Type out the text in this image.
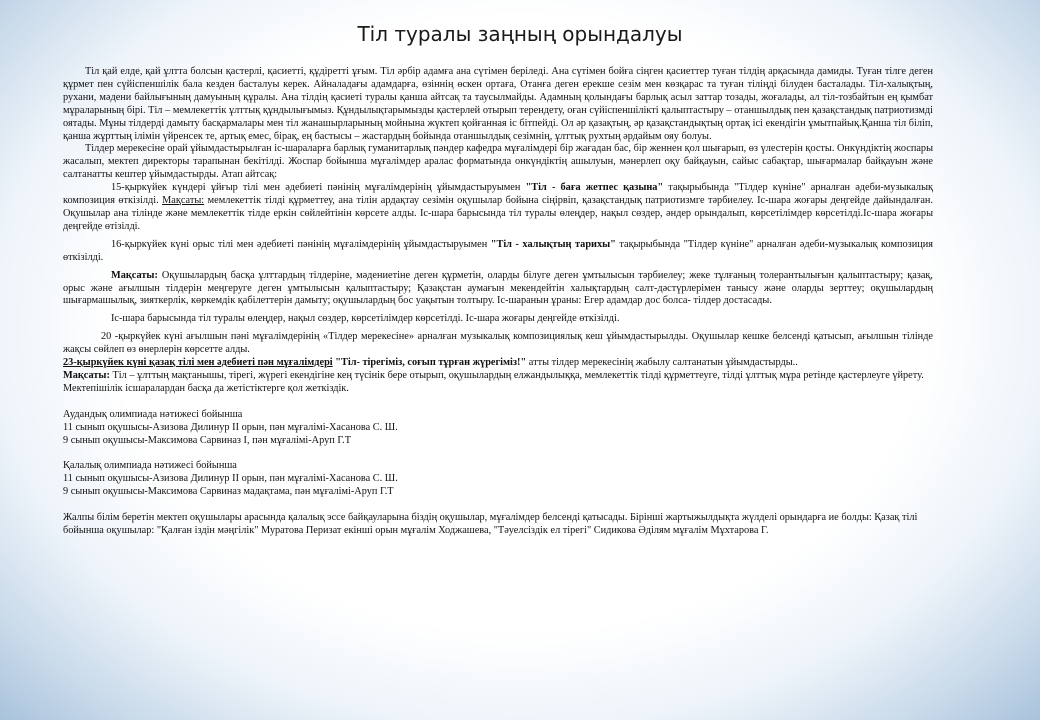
Тіл туралы заңның орындалуы

Тіл қай елде, қай ұлтта болсын қастерлі, қасиетті, құдіретті ұғым. Тіл әрбір адамға ана сүтімен беріледі. Ана сүтімен бойға сіңген қасиеттер туған тілдің арқасында дамиды. Туған тілге деген құрмет пен сүйіспеншілік бала кезден басталуы керек. Айналадағы адамдарға, өзіннің өскен ортаға, Отанға деген ерекше сезім мен көзқарас та туған тіліңді білуден басталады. Тіл-халықтың, рухани, мәдени байлығының дамуының құралы. Ана тілдің қасиеті туралы қанша айтсақ та таусылмайды. Адамның қолындағы барлық асыл заттар тозады, жоғалады, ал тіл-тозбайтын ең қымбат мұраларының бірі. Тіл – мемлекеттік ұлттық құндылығымыз. Құндылықтарымызды қастерлей отырып терендету, оған сүйіспеншілікті қалыптастыру – отаншылдық пен қазақстандық патриотизмді оятады. Мұны тілдерді дамыту басқармалары мен тіл жанашырларының мойнына жүктеп қойғанная іс бітпейді. Ол әр қазақтың, әр қазақстандықтың ортақ ісі екендігін ұмытпайық.Қанша тіл біліп, қанша жұрттың ілімін үйренсек те, артық емес, бірақ, ең бастысы – жастардың бойында отаншылдық сезімнің, ұлттық рухтың әрдайым ояу болуы.

Тілдер мерекесіне орай ұйымдастырылған іс-шараларға барлық гуманитарлық пәндер кафедра мұғалімдері бір жағадан бас, бір женнен қол шығарып, өз үлестерін қосты. Онкүндіктің жоспары жасалып, мектеп директоры тарапынан бекітілді. Жоспар бойынша мұғалімдер аралас форматында онкүндіктің ашылуын, мәнерлеп оқу байқауын, сайыс сабақтар, шығармалар байқауын және салтанатты кештер ұйымдастырды. Атап айтсақ:

15-қыркүйек күндері ұйғыр тілі мен әдебиеті пәнінің мұғалімдерінің ұйымдастыруымен "Тіл - баға жетпес қазына" тақырыбында "Тілдер күніне" арналған әдеби-музыкалық композиция өткізілді. Мақсаты: мемлекеттік тілді құрметтеу, ана тілін ардақтау сезімін оқушылар бойына сіңірвіп, қазақстандық патриотизмге тәрбиелеу. Іс-шара жоғары деңгейде дайындалған. Оқушылар ана тілінде және мемлекеттік тілде еркін сөйлейтінін көрсете алды. Іс-шара барысында тіл туралы өлеңдер, нақыл сөздер, әндер орындалып, көрсетілімдер көрсетілді.Іс-шара жоғары деңгейде өтізілді.

16-қыркүйек күні орыс тілі мен әдебиеті пәнінің мұғалімдерінің ұйымдастыруымен "Тіл - халықтың тарихы" тақырыбында "Тілдер күніне" арналған әдеби-музыкалық композиция өткізілді.

Мақсаты: Оқушылардың басқа ұлттардың тілдеріне, мәдениетіне деген құрметін, оларды білуге деген ұмтылысын тәрбиелеу; жеке тұлғаның толерантылығын қалыптастыру; қазақ, орыс және ағылшын тілдерін меңгеруге деген ұмтылысын қалыптастыру; Қазақстан аумағын мекендейтін халықтардың салт-дәстүрлерімен танысу және оларды зерттеу; оқушылардың шығармашылық, зияткерлік, көркемдік қабілеттерін дамыту; оқушылардың бос уақытын толтыру. Іс-шаранын ұраны: Егер адамдар дос болса- тілдер достасады.

Іс-шара барысында тіл туралы өлеңдер, нақыл сөздер, көрсетілімдер көрсетілді. Іс-шара жоғары деңгейде өткізілді.

20 -қыркүйек күні ағылшын пәні мұғалімдерінің «Тілдер мерекесіне» арналған музыкалық композициялық кеш ұйымдастырылды. Оқушылар кешке белсенді қатысып, ағылшын тілінде жақсы сөйлеп өз өнерлерін көрсетте алды.

23-қыркүйек күні қазақ тілі мен әдебиеті пән мұғалімдері "Тіл- тірегіміз, соғып тұрған жүрегіміз!" атты тілдер мерекесінің жабылу салтанатын ұйымдастырды..

Мақсаты: Тіл – ұлттың мақтанышы, тірегі, жүрегі екендігіне кең түсінік бере отырып, оқушылардың елжандылыққа, мемлекеттік тілді құрметтеуге, тілді ұлттық мұра ретінде қастерлеуге үйрету.

Мектепішілік ісшаралардан басқа да жетістіктерге қол жеткіздік.

Аудандық олимпиада нәтижесі бойынша

11 сынып оқушысы-Азизова Дилинур II орын, пән мұғалімі-Хасанова С. Ш.

9 сынып оқушысы-Максимова Сарвиназ I, пән мұғалімі-Аруп Г.Т

Қалалық олимпиада нәтижесі бойынша

11 сынып оқушысы-Азизова Дилинур II орын, пән мұғалімі-Хасанова С. Ш.

9 сынып оқушысы-Максимова Сарвиназ мадақтама, пән мұғалімі-Аруп Г.Т

Жалпы білім беретін мектеп оқушылары арасында қалалық эссе байқауларына біздің оқушылар, мұғалімдер белсенді қатысады. Бірінші жартыжылдықта жүлделі орындарға ие болды: Қазақ тілі бойынша оқушылар: "Қалған іздін мәңгілік" Муратова Перизат екінші орын мұғалім Ходжашева, "Тәуелсіздік ел тірегі" Сидикова Әділям мұғалім Мұхтарова Г.
